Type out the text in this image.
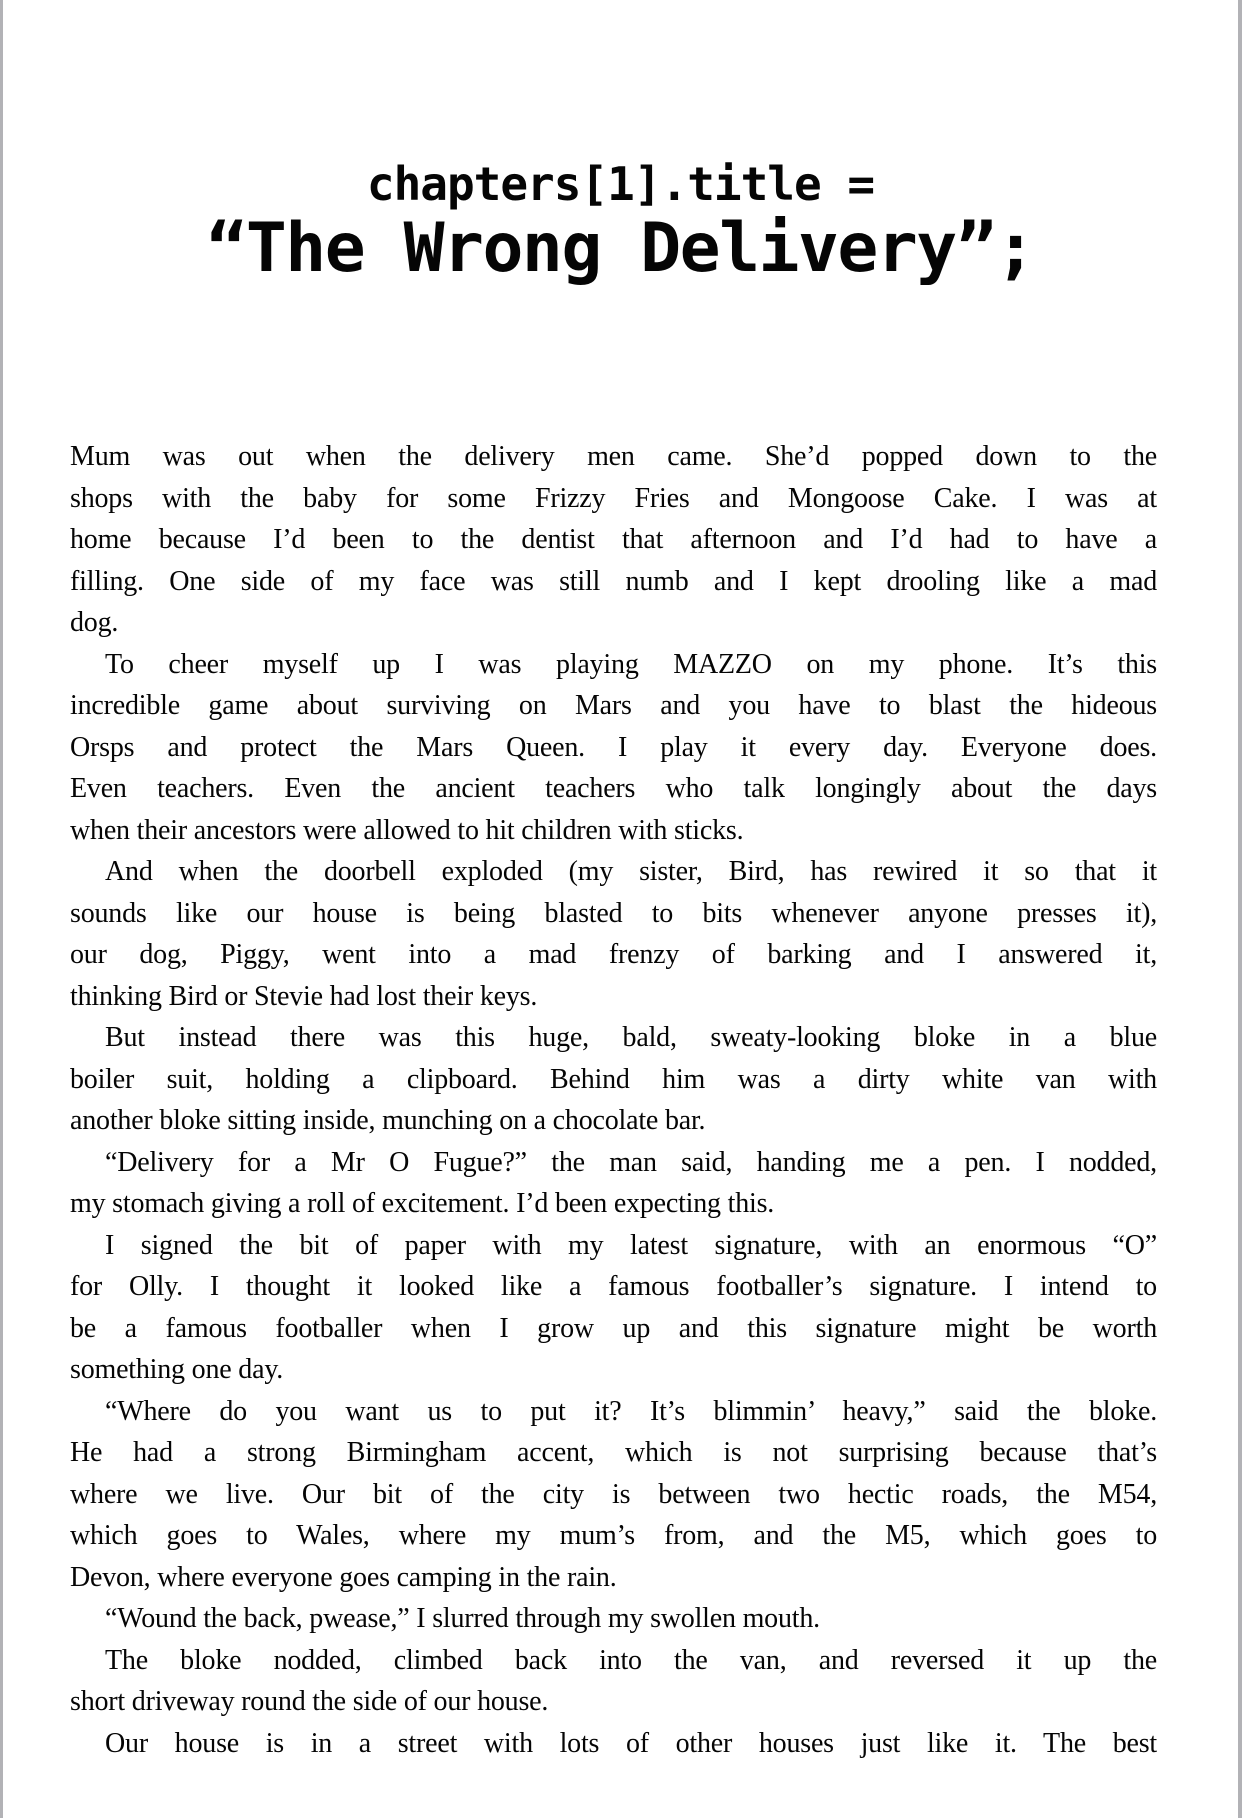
chapters[1].title =
“The Wrong Delivery”;
Mum was out when the delivery men came. She’d popped down to the
shops with the baby for some Frizzy Fries and Mongoose Cake. I was at
home because I’d been to the dentist that afternoon and I’d had to have a
filling. One side of my face was still numb and I kept drooling like a mad
dog.
To cheer myself up I was playing MAZZO on my phone. It’s this
incredible game about surviving on Mars and you have to blast the hideous
Orsps and protect the Mars Queen. I play it every day. Everyone does.
Even teachers. Even the ancient teachers who talk longingly about the days
when their ancestors were allowed to hit children with sticks.
And when the doorbell exploded (my sister, Bird, has rewired it so that it
sounds like our house is being blasted to bits whenever anyone presses it),
our dog, Piggy, went into a mad frenzy of barking and I answered it,
thinking Bird or Stevie had lost their keys.
But instead there was this huge, bald, sweaty-looking bloke in a blue
boiler suit, holding a clipboard. Behind him was a dirty white van with
another bloke sitting inside, munching on a chocolate bar.
“Delivery for a Mr O Fugue?” the man said, handing me a pen. I nodded,
my stomach giving a roll of excitement. I’d been expecting this.
I signed the bit of paper with my latest signature, with an enormous “O”
for Olly. I thought it looked like a famous footballer’s signature. I intend to
be a famous footballer when I grow up and this signature might be worth
something one day.
“Where do you want us to put it? It’s blimmin’ heavy,” said the bloke.
He had a strong Birmingham accent, which is not surprising because that’s
where we live. Our bit of the city is between two hectic roads, the M54,
which goes to Wales, where my mum’s from, and the M5, which goes to
Devon, where everyone goes camping in the rain.
“Wound the back, pwease,” I slurred through my swollen mouth.
The bloke nodded, climbed back into the van, and reversed it up the
short driveway round the side of our house.
Our house is in a street with lots of other houses just like it. The best
